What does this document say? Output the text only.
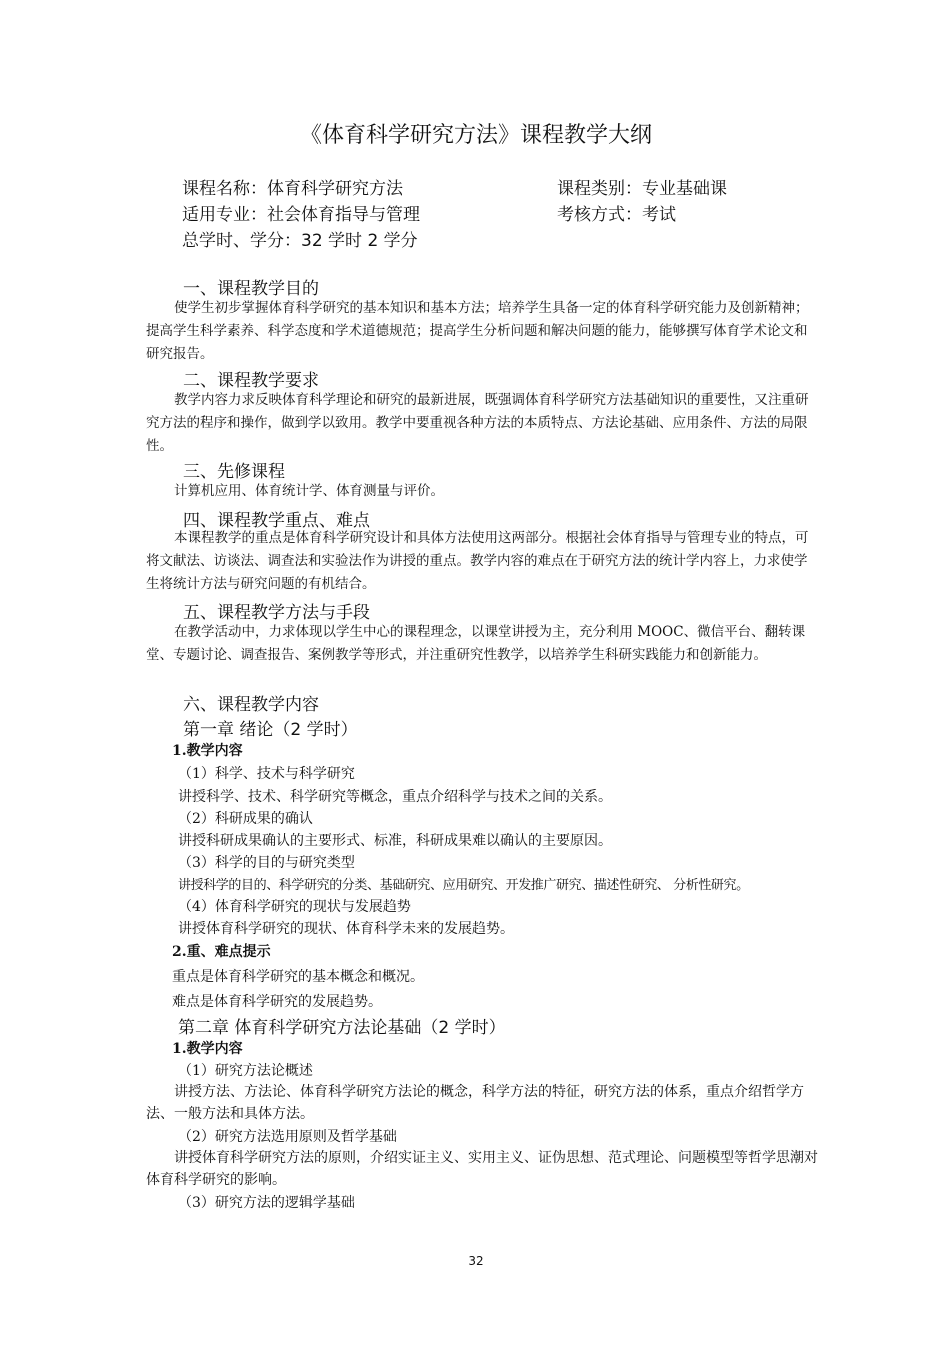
《体育科学研究方法》课程教学大纲
课程名称：体育科学研究方法	课程类别：专业基础课
适用专业：社会体育指导与管理	考核方式：考试
总学时、学分：32 学时 2 学分
一、课程教学目的
使学生初步掌握体育科学研究的基本知识和基本方法；培养学生具备一定的体育科学研究能力及创新精神；提高学生科学素养、科学态度和学术道德规范；提高学生分析问题和解决问题的能力，能够撰写体育学术论文和研究报告。
二、课程教学要求
教学内容力求反映体育科学理论和研究的最新进展，既强调体育科学研究方法基础知识的重要性，又注重研究方法的程序和操作，做到学以致用。教学中要重视各种方法的本质特点、方法论基础、应用条件、方法的局限性。
三、先修课程
计算机应用、体育统计学、体育测量与评价。
四、课程教学重点、难点
本课程教学的重点是体育科学研究设计和具体方法使用这两部分。根据社会体育指导与管理专业的特点，可将文献法、访谈法、调查法和实验法作为讲授的重点。教学内容的难点在于研究方法的统计学内容上，力求使学生将统计方法与研究问题的有机结合。
五、课程教学方法与手段
在教学活动中，力求体现以学生中心的课程理念，以课堂讲授为主，充分利用 MOOC、微信平台、翻转课堂、专题讨论、调查报告、案例教学等形式，并注重研究性教学，以培养学生科研实践能力和创新能力。
六、课程教学内容
第一章 绪论（2 学时）
1.教学内容
（1）科学、技术与科学研究
讲授科学、技术、科学研究等概念，重点介绍科学与技术之间的关系。
（2）科研成果的确认
讲授科研成果确认的主要形式、标准，科研成果难以确认的主要原因。
（3）科学的目的与研究类型
讲授科学的目的、科学研究的分类、基础研究、应用研究、开发推广研究、描述性研究、 分析性研究。
（4）体育科学研究的现状与发展趋势
讲授体育科学研究的现状、体育科学未来的发展趋势。
2.重、难点提示
重点是体育科学研究的基本概念和概况。
难点是体育科学研究的发展趋势。
第二章 体育科学研究方法论基础（2 学时）
1.教学内容
（1）研究方法论概述
讲授方法、方法论、体育科学研究方法论的概念，科学方法的特征，研究方法的体系，重点介绍哲学方法、一般方法和具体方法。
（2）研究方法选用原则及哲学基础
讲授体育科学研究方法的原则，介绍实证主义、实用主义、证伪思想、范式理论、问题模型等哲学思潮对体育科学研究的影响。
（3）研究方法的逻辑学基础
32
